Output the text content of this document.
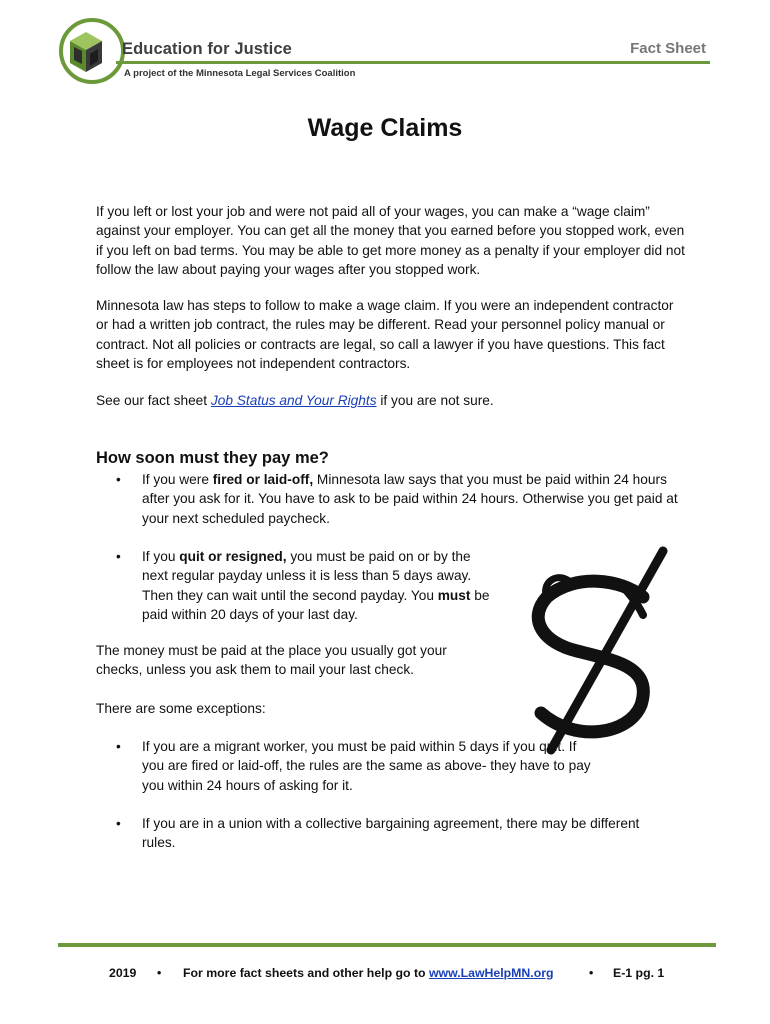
Education for Justice
A project of the Minnesota Legal Services Coalition
Fact Sheet
Wage Claims

If you left or lost your job and were not paid all of your wages, you can make a “wage claim” against your employer. You can get all the money that you earned before you stopped work, even if you left on bad terms. You may be able to get more money as a penalty if your employer did not follow the law about paying your wages after you stopped work.

Minnesota law has steps to follow to make a wage claim. If you were an independent contractor or had a written job contract, the rules may be different. Read your personnel policy manual or contract. Not all policies or contracts are legal, so call a lawyer if you have questions. This fact sheet is for employees not independent contractors.

See our fact sheet Job Status and Your Rights if you are not sure.

How soon must they pay me?
• If you were fired or laid-off, Minnesota law says that you must be paid within 24 hours after you ask for it. You have to ask to be paid within 24 hours. Otherwise you get paid at your next scheduled paycheck.

• If you quit or resigned, you must be paid on or by the next regular payday unless it is less than 5 days away. Then they can wait until the second payday. You must be paid within 20 days of your last day.

The money must be paid at the place you usually got your checks, unless you ask them to mail your last check.

There are some exceptions:

• If you are a migrant worker, you must be paid within 5 days if you quit. If you are fired or laid-off, the rules are the same as above- they have to pay you within 24 hours of asking for it.

• If you are in a union with a collective bargaining agreement, there may be different rules.

2019 • For more fact sheets and other help go to www.LawHelpMN.org	• E-1 pg. 1
